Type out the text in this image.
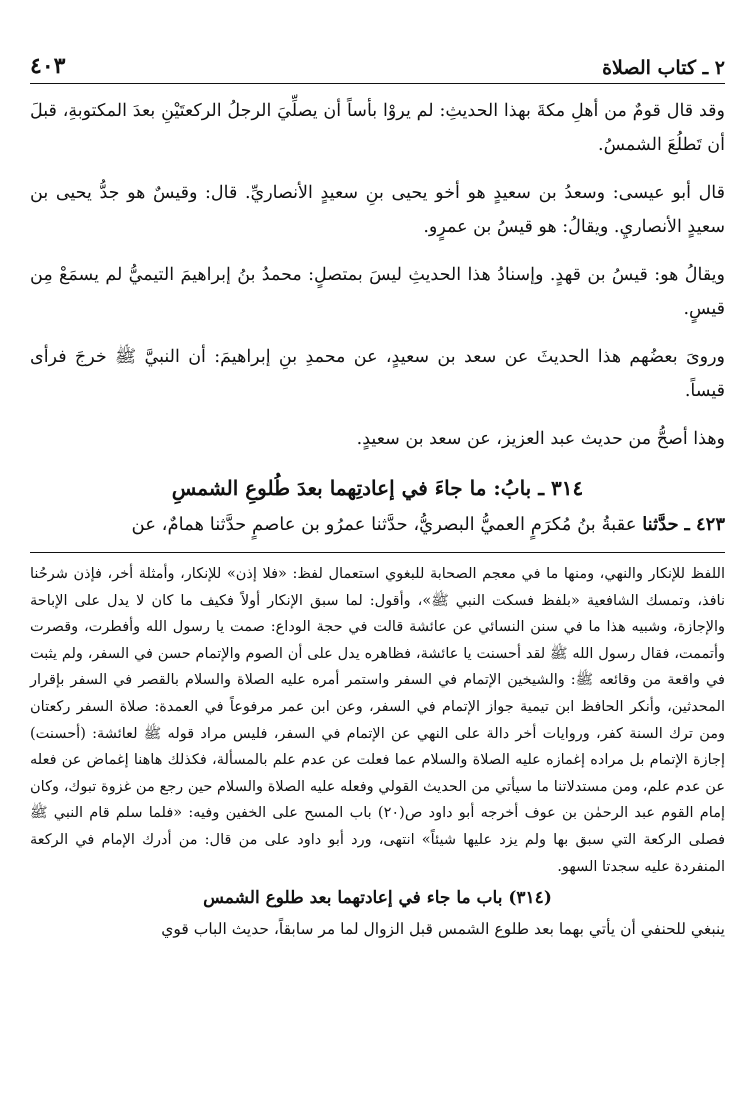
٢ ـ كتاب الصلاة
٤٠٣

وقد قال قومٌ من أهلِ مكةَ بهذا الحديثِ: لم يروْا بأساً أن يصلِّيَ الرجلُ الركعتَيْنِ بعدَ المكتوبةِ، قبلَ أن تَطلُعَ الشمسُ.

قال أبو عيسى: وسعدُ بن سعيدٍ هو أخو يحيى بنِ سعيدٍ الأنصاريِّ. قال: وقيسٌ هو جدُّ يحيى بن سعيدٍ الأنصاريِ. ويقالُ: هو قيسُ بن عمرٍو.

ويقالُ هو: قيسُ بن قهدٍ. وإسنادُ هذا الحديثِ ليسَ بمتصلٍ: محمدُ بنُ إبراهيمَ التيميُّ لم يسمَعْ مِن قيسٍ.

وروىَ بعضُهم هذا الحديثَ عن سعد بن سعيدٍ، عن محمدِ بنِ إبراهيمَ: أن النبيَّ ﷺ خرجَ فرأى قيساً.

وهذا أصحُّ من حديث عبد العزيز، عن سعد بن سعيدٍ.

٣١٤ ـ بابُ: ما جاءَ في إعادتِهما بعدَ طُلوعِ الشمسِ

٤٢٣ ـ حدَّثنا عقبةُ بنُ مُكرَمٍ العميُّ البصريُّ، حدَّثنا عمرُو بن عاصمٍ حدَّثنا همامٌ، عن

اللفظ للإنكار والنهي، ومنها ما في معجم الصحابة للبغوي استعمال لفظ: «فلا إذن» للإنكار، وأمثلة أخر، فإذن شرحُنا نافذ، وتمسك الشافعية «بلفظ فسكت النبي ﷺ»، وأقول: لما سبق الإنكار أولاً فكيف ما كان لا يدل على الإباحة والإجازة، وشبيه هذا ما في سنن النسائي عن عائشة قالت في حجة الوداع: صمت يا رسول الله وأفطرت، وقصرت وأتممت، فقال رسول الله ﷺ لقد أحسنت يا عائشة، فظاهره يدل على أن الصوم والإتمام حسن في السفر، ولم يثبت في واقعة من وقائعه ﷺ: والشيخين الإتمام في السفر واستمر أمره عليه الصلاة والسلام بالقصر في السفر بإقرار المحدثين، وأنكر الحافظ ابن تيمية جواز الإتمام في السفر، وعن ابن عمر مرفوعاً في العمدة: صلاة السفر ركعتان ومن ترك السنة كفر، وروايات أخر دالة على النهي عن الإتمام في السفر، فليس مراد قوله ﷺ لعائشة: (أحسنت) إجازة الإتمام بل مراده إغمازه عليه الصلاة والسلام عما فعلت عن عدم علم بالمسألة، فكذلك هاهنا إغماض عن فعله عن عدم علم، ومن مستدلاتنا ما سيأتي من الحديث القولي وفعله عليه الصلاة والسلام حين رجع من غزوة تبوك، وكان إمام القوم عبد الرحمٰن بن عوف أخرجه أبو داود ص(٢٠) باب المسح على الخفين وفيه: «فلما سلم قام النبي ﷺ فصلى الركعة التي سبق بها ولم يزد عليها شيئاً» انتهى، ورد أبو داود على من قال: من أدرك الإمام في الركعة المنفردة عليه سجدتا السهو.

(٣١٤) باب ما جاء في إعادتهما بعد طلوع الشمس

ينبغي للحنفي أن يأتي بهما بعد طلوع الشمس قبل الزوال لما مر سابقاً، حديث الباب قوي
